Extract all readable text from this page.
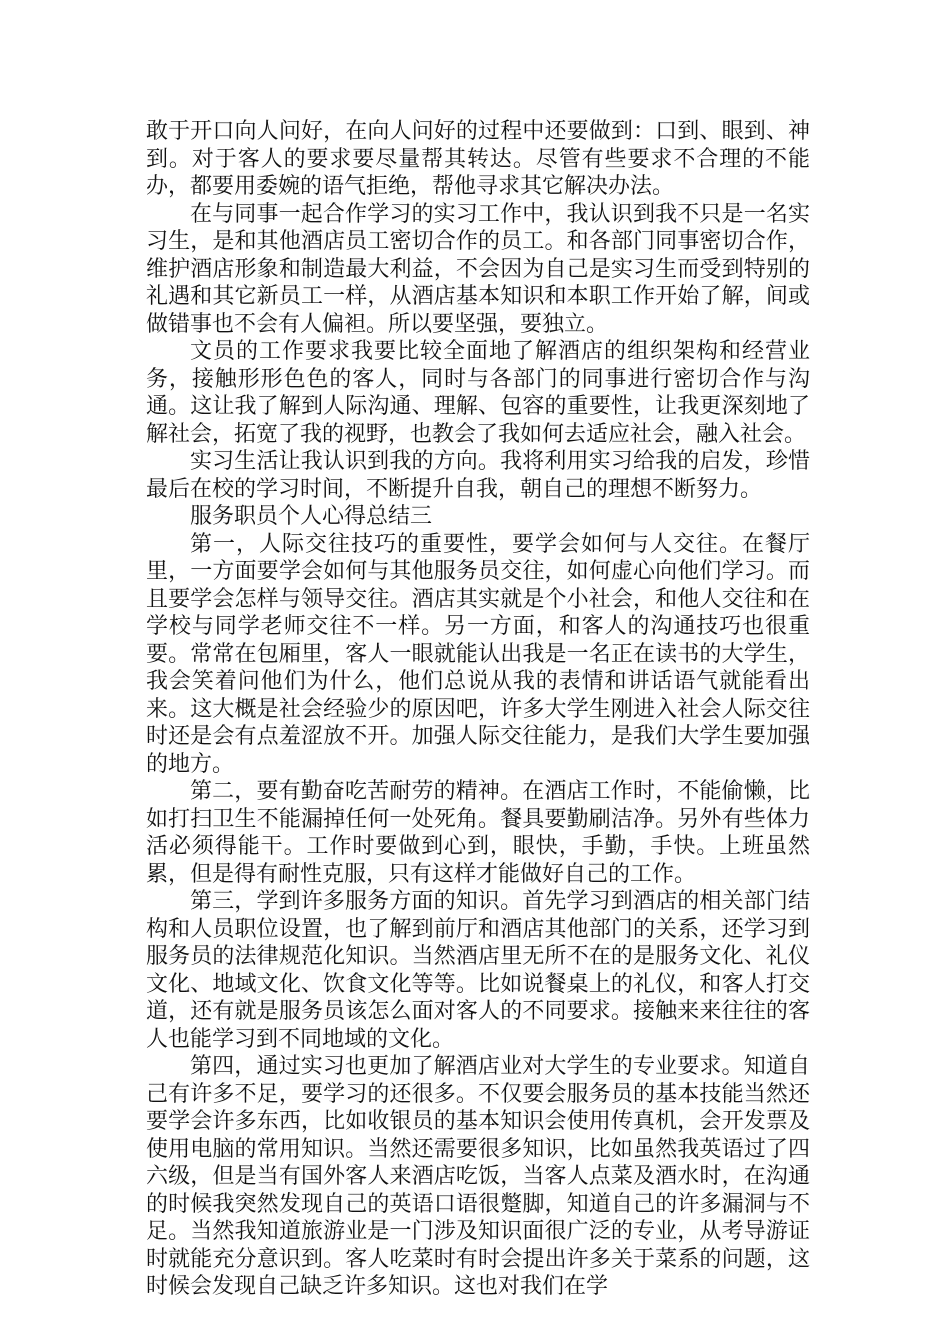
敢于开口向人问好，在向人问好的过程中还要做到：口到、眼到、神到。对于客人的要求要尽量帮其转达。尽管有些要求不合理的不能办，都要用委婉的语气拒绝，帮他寻求其它解决办法。

在与同事一起合作学习的实习工作中，我认识到我不只是一名实习生，是和其他酒店员工密切合作的员工。和各部门同事密切合作，维护酒店形象和制造最大利益，不会因为自己是实习生而受到特别的礼遇和其它新员工一样，从酒店基本知识和本职工作开始了解，间或做错事也不会有人偏袒。所以要坚强，要独立。

文员的工作要求我要比较全面地了解酒店的组织架构和经营业务，接触形形色色的客人，同时与各部门的同事进行密切合作与沟通。这让我了解到人际沟通、理解、包容的重要性，让我更深刻地了解社会，拓宽了我的视野，也教会了我如何去适应社会，融入社会。

实习生活让我认识到我的方向。我将利用实习给我的启发，珍惜最后在校的学习时间，不断提升自我，朝自己的理想不断努力。

服务职员个人心得总结三

第一，人际交往技巧的重要性，要学会如何与人交往。在餐厅里，一方面要学会如何与其他服务员交往，如何虚心向他们学习。而且要学会怎样与领导交往。酒店其实就是个小社会，和他人交往和在学校与同学老师交往不一样。另一方面，和客人的沟通技巧也很重要。常常在包厢里，客人一眼就能认出我是一名正在读书的大学生，我会笑着问他们为什么，他们总说从我的表情和讲话语气就能看出来。这大概是社会经验少的原因吧，许多大学生刚进入社会人际交往时还是会有点羞涩放不开。加强人际交往能力，是我们大学生要加强的地方。

第二，要有勤奋吃苦耐劳的精神。在酒店工作时，不能偷懒，比如打扫卫生不能漏掉任何一处死角。餐具要勤刷洁净。另外有些体力活必须得能干。工作时要做到心到，眼快，手勤，手快。上班虽然累，但是得有耐性克服，只有这样才能做好自己的工作。

第三，学到许多服务方面的知识。首先学习到酒店的相关部门结构和人员职位设置，也了解到前厅和酒店其他部门的关系，还学习到服务员的法律规范化知识。当然酒店里无所不在的是服务文化、礼仪文化、地域文化、饮食文化等等。比如说餐桌上的礼仪，和客人打交道，还有就是服务员该怎么面对客人的不同要求。接触来来往往的客人也能学习到不同地域的文化。

第四，通过实习也更加了解酒店业对大学生的专业要求。知道自己有许多不足，要学习的还很多。不仅要会服务员的基本技能当然还要学会许多东西，比如收银员的基本知识会使用传真机，会开发票及使用电脑的常用知识。当然还需要很多知识，比如虽然我英语过了四六级，但是当有国外客人来酒店吃饭，当客人点菜及酒水时，在沟通的时候我突然发现自己的英语口语很蹩脚，知道自己的许多漏洞与不足。当然我知道旅游业是一门涉及知识面很广泛的专业，从考导游证时就能充分意识到。客人吃菜时有时会提出许多关于菜系的问题，这时候会发现自己缺乏许多知识。这也对我们在学
